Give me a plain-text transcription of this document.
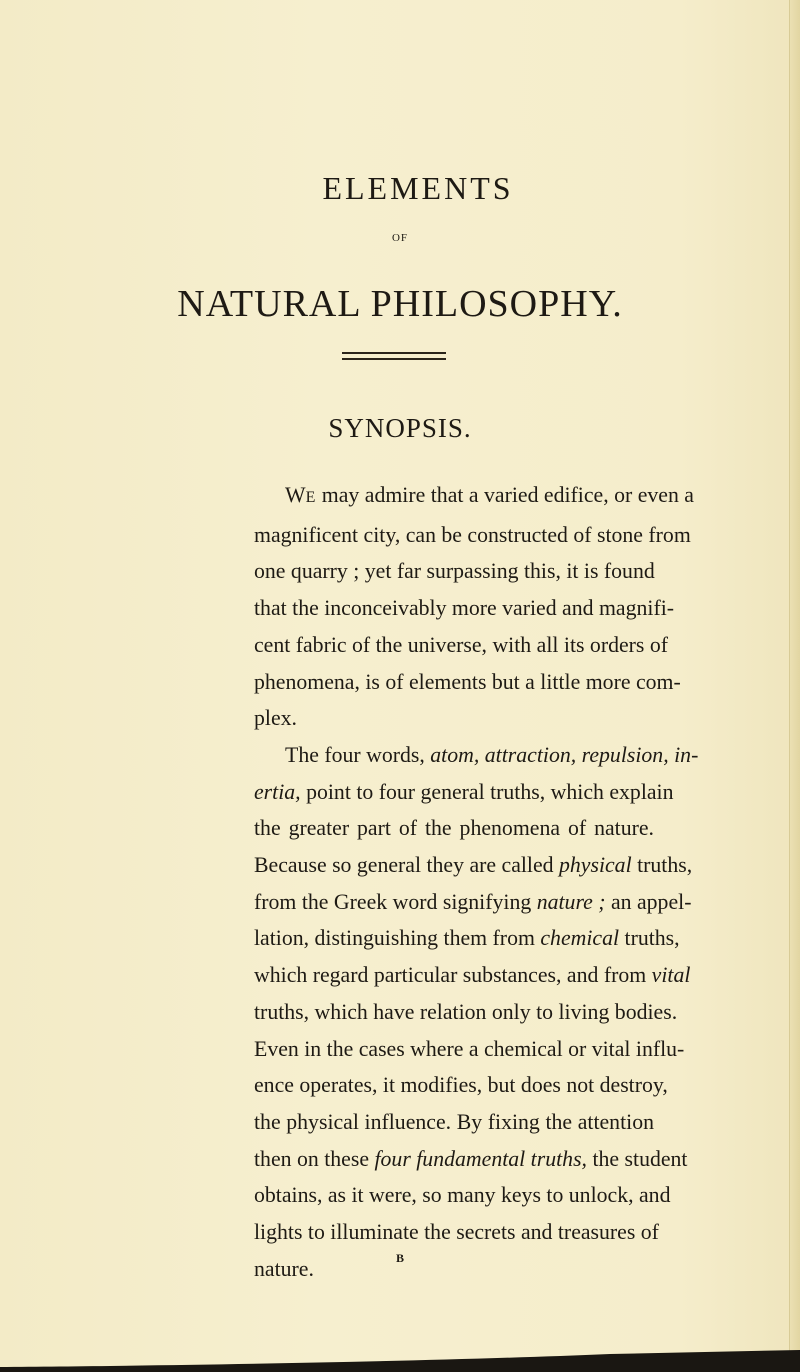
ELEMENTS
OF
NATURAL PHILOSOPHY.
SYNOPSIS.
WE may admire that a varied edifice, or even a
magnificent city, can be constructed of stone from
one quarry ; yet far surpassing this, it is found
that the inconceivably more varied and magnifi-
cent fabric of the universe, with all its orders of
phenomena, is of elements but a little more com-
plex.
The four words, atom, attraction, repulsion, in-
ertia, point to four general truths, which explain
the greater part of the phenomena of nature.
Because so general they are called physical truths,
from the Greek word signifying nature ; an appel-
lation, distinguishing them from chemical truths,
which regard particular substances, and from vital
truths, which have relation only to living bodies.
Even in the cases where a chemical or vital influ-
ence operates, it modifies, but does not destroy,
the physical influence. By fixing the attention
then on these four fundamental truths, the student
obtains, as it were, so many keys to unlock, and
lights to illuminate the secrets and treasures of
nature.	B
